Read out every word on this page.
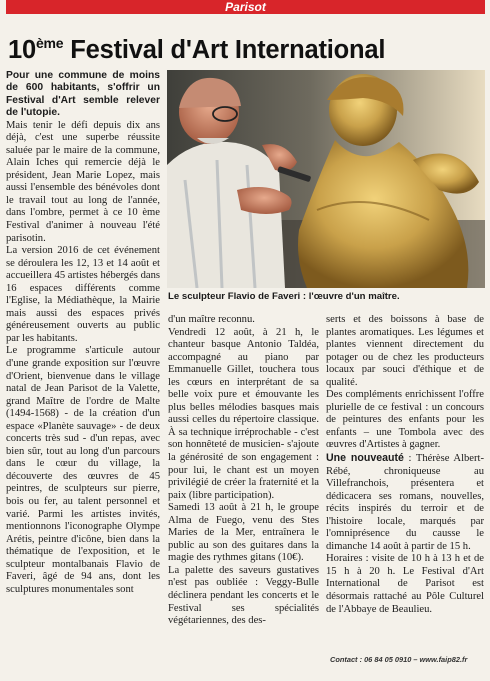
Parisot
10ème Festival d'Art International

Pour une commune de moins de 600 habitants, s'offrir un Festival d'Art semble relever de l'utopie.

Mais tenir le défi depuis dix ans déjà, c'est une superbe réussite saluée par le maire de la commune, Alain Iches qui remercie déjà le président, Jean Marie Lopez, mais aussi l'ensemble des bénévoles dont le travail tout au long de l'année, dans l'ombre, permet à ce 10 ème Festival d'animer à nouveau l'été parisotin.

La version 2016 de cet événement se déroulera les 12, 13 et 14 août et accueillera 45 artistes hébergés dans 16 espaces différents comme l'Eglise, la Médiathèque, la Mairie mais aussi des espaces privés généreusement ouverts au public par les habitants.

Le programme s'articule autour d'une grande exposition sur l'œuvre d'Orient, bienvenue dans le village natal de Jean Parisot de la Valette, grand Maître de l'ordre de Malte (1494-1568) - de la création d'un espace «Planète sauvage» - de deux concerts très sud - d'un repas, avec bien sûr, tout au long d'un parcours dans le cœur du village, la découverte des œuvres de 45 peintres, de sculpteurs sur pierre, bois ou fer, au talent personnel et varié. Parmi les artistes invités, mentionnons l'iconographe Olympe Arétis, peintre d'icône, bien dans la thématique de l'exposition, et le sculpteur montalbanais Flavio de Faveri, âgé de 94 ans, dont les sculptures monumentales sont

Le sculpteur Flavio de Faveri : l'œuvre d'un maître.

d'un maître reconnu.

Vendredi 12 août, à 21 h, le chanteur basque Antonio Taldéa, accompagné au piano par Emmanuelle Gillet, touchera tous les cœurs en interprétant de sa belle voix pure et émouvante les plus belles mélodies basques mais aussi celles du répertoire classique. À sa technique irréprochable - c'est son honnêteté de musicien- s'ajoute la générosité de son engagement : pour lui, le chant est un moyen privilégié de créer la fraternité et la paix (libre participation).

Samedi 13 août à 21 h, le groupe Alma de Fuego, venu des Stes Maries de la Mer, entraînera le public au son des guitares dans la magie des rythmes gitans (10€).

La palette des saveurs gustatives n'est pas oubliée : Veggy-Bulle déclinera pendant les concerts et le Festival ses spécialités végétariennes, des des-

serts et des boissons à base de plantes aromatiques. Les légumes et plantes viennent directement du potager ou de chez les producteurs locaux par souci d'éthique et de qualité.

Des compléments enrichissent l'offre plurielle de ce festival : un concours de peintures des enfants pour les enfants – une Tombola avec des œuvres d'Artistes à gagner.

Une nouveauté : Thérèse Albert-Rébé, chroniqueuse au Villefranchois, présentera et dédicacera ses romans, nouvelles, récits inspirés du terroir et de l'histoire locale, marqués par l'omniprésence du causse le dimanche 14 août à partir de 15 h.

Horaires : visite de 10 h à 13 h et de 15 h à 20 h. Le Festival d'Art International de Parisot est désormais rattaché au Pôle Culturel de l'Abbaye de Beaulieu.

Contact : 06 84 05 0910 – www.faip82.fr
